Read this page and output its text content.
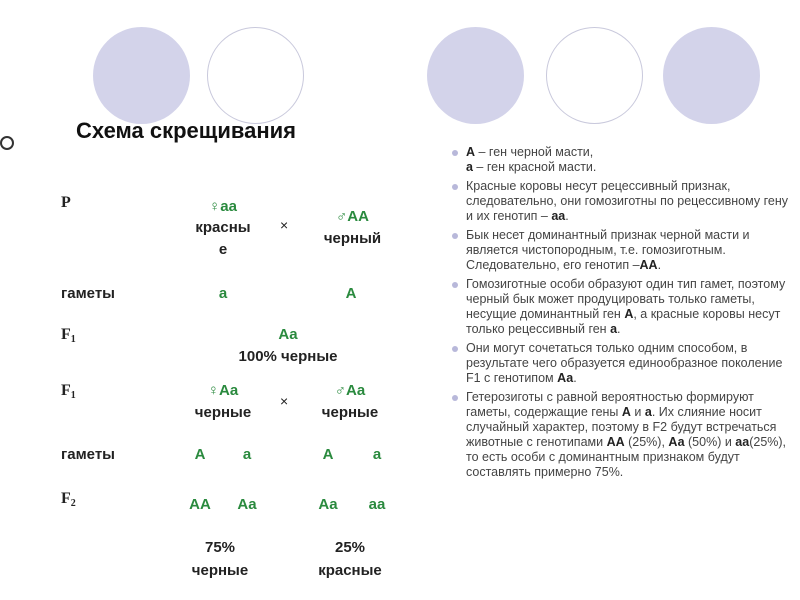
Схема скрещивания
P	♀aa
красны
е
×	♂AA
черный
гаметы	a	A
$F_1$	Aa
100% черные
$F_1$	♀Aa
черные
×
♂Aa
черные
гаметы	A	a	A	a
$F_2$	AA	Aa	Aa	aa
75%
черные
25%
красные
А – ген черной масти,
а – ген красной масти.
Красные коровы несут рецессивный признак, следовательно, они гомозиготны по рецессивному гену и их генотип – аа.
Бык несет доминантный признак черной масти и является чистопородным, т.е. гомозиготным. Следовательно, его генотип –АА.
Гомозиготные особи образуют один тип гамет, поэтому черный бык может продуцировать только гаметы, несущие доминантный ген А, а красные коровы несут только рецессивный ген а.
Они могут сочетаться только одним способом, в результате чего образуется единообразное поколение F1 с генотипом Аа.
Гетерозиготы с равной вероятностью формируют гаметы, содержащие гены А и а. Их слияние носит случайный характер, поэтому в F2 будут встречаться животные с генотипами АА (25%), Аа (50%) и аа(25%), то есть особи с доминантным признаком будут составлять примерно 75%.
